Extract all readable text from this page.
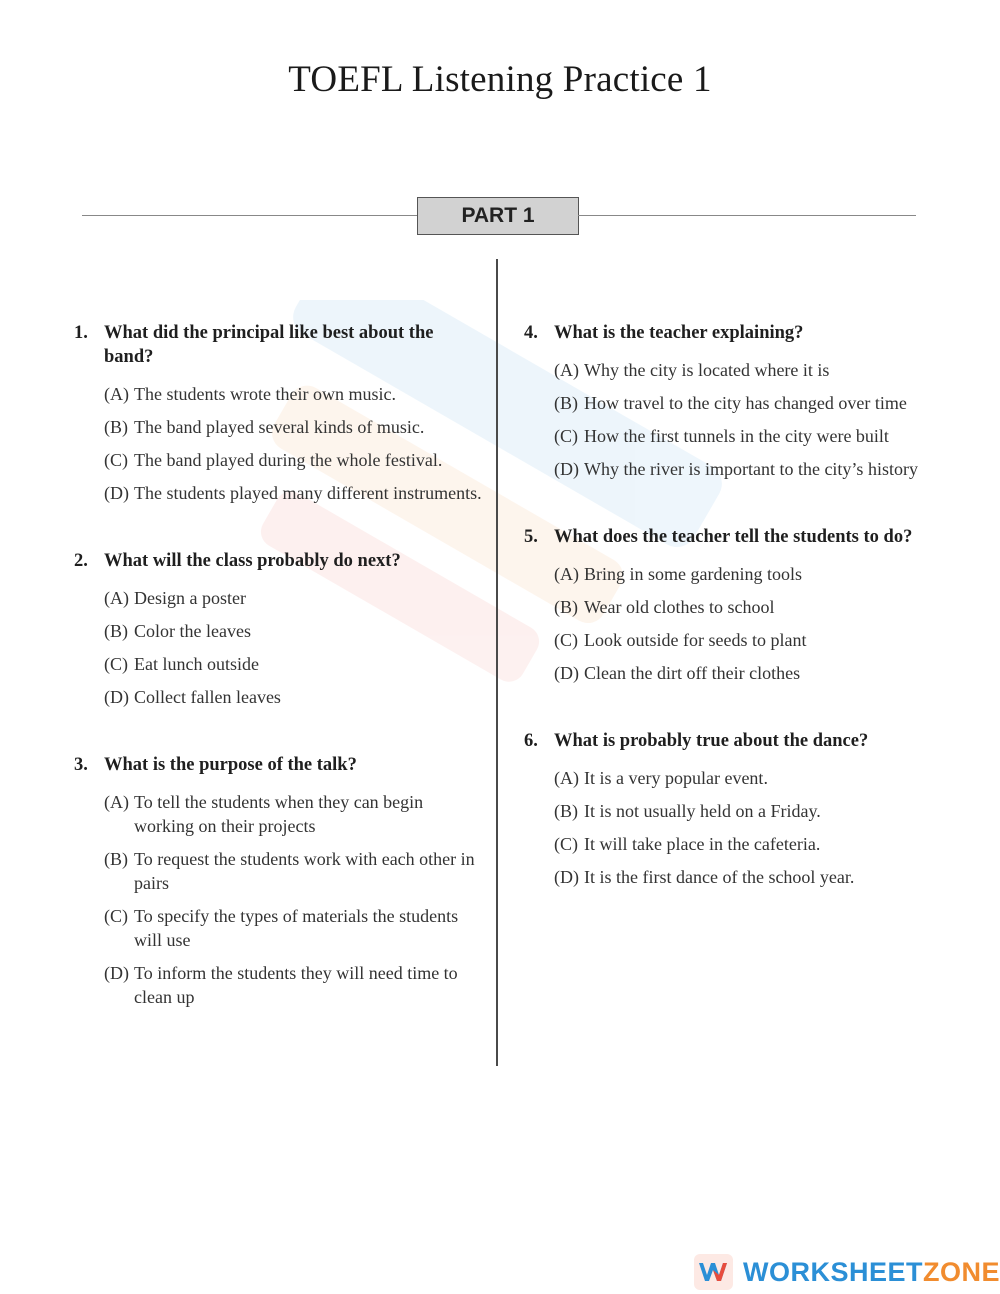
TOEFL Listening Practice 1
PART 1
1. What did the principal like best about the band?
(A) The students wrote their own music.
(B) The band played several kinds of music.
(C) The band played during the whole festival.
(D) The students played many different instruments.
2. What will the class probably do next?
(A) Design a poster
(B) Color the leaves
(C) Eat lunch outside
(D) Collect fallen leaves
3. What is the purpose of the talk?
(A) To tell the students when they can begin working on their projects
(B) To request the students work with each other in pairs
(C) To specify the types of materials the students will use
(D) To inform the students they will need time to clean up
4. What is the teacher explaining?
(A) Why the city is located where it is
(B) How travel to the city has changed over time
(C) How the first tunnels in the city were built
(D) Why the river is important to the city’s history
5. What does the teacher tell the students to do?
(A) Bring in some gardening tools
(B) Wear old clothes to school
(C) Look outside for seeds to plant
(D) Clean the dirt off their clothes
6. What is probably true about the dance?
(A) It is a very popular event.
(B) It is not usually held on a Friday.
(C) It will take place in the cafeteria.
(D) It is the first dance of the school year.
WORKSHEETZONE
